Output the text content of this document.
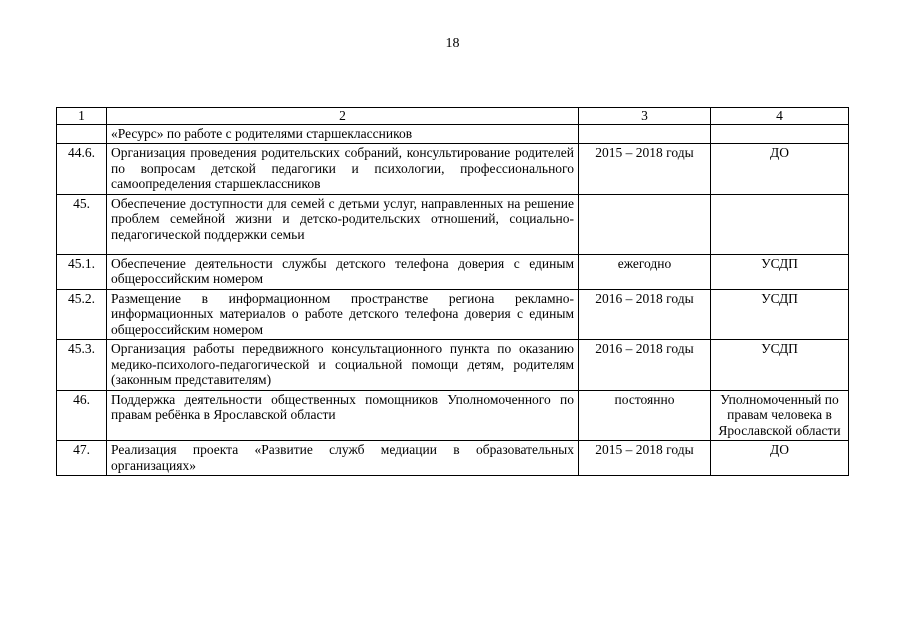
18
1	2	3	4
	«Ресурс» по работе с родителями старшеклассников		
44.6.	Организация проведения родительских собраний, консультирование родителей по вопросам детской педагогики и психологии, профессионального самоопределения старшеклассников	2015 – 2018 годы	ДО
45.	Обеспечение доступности для семей с детьми услуг, направленных на решение проблем семейной жизни и детско-родительских отношений, социально-педагогической поддержки семьи		
45.1.	Обеспечение деятельности службы детского телефона доверия с единым общероссийским номером	ежегодно	УСДП
45.2.	Размещение в информационном пространстве региона рекламно-информационных материалов о работе детского телефона доверия с единым общероссийским номером	2016 – 2018 годы	УСДП
45.3.	Организация работы передвижного консультационного пункта по оказанию медико-психолого-педагогической и социальной помощи детям, родителям (законным представителям)	2016 – 2018 годы	УСДП
46.	Поддержка деятельности общественных помощников Уполномоченного по правам ребёнка в Ярославской области	постоянно	Уполномоченный по правам человека в Ярославской области
47.	Реализация проекта «Развитие служб медиации в образовательных организациях»	2015 – 2018 годы	ДО
